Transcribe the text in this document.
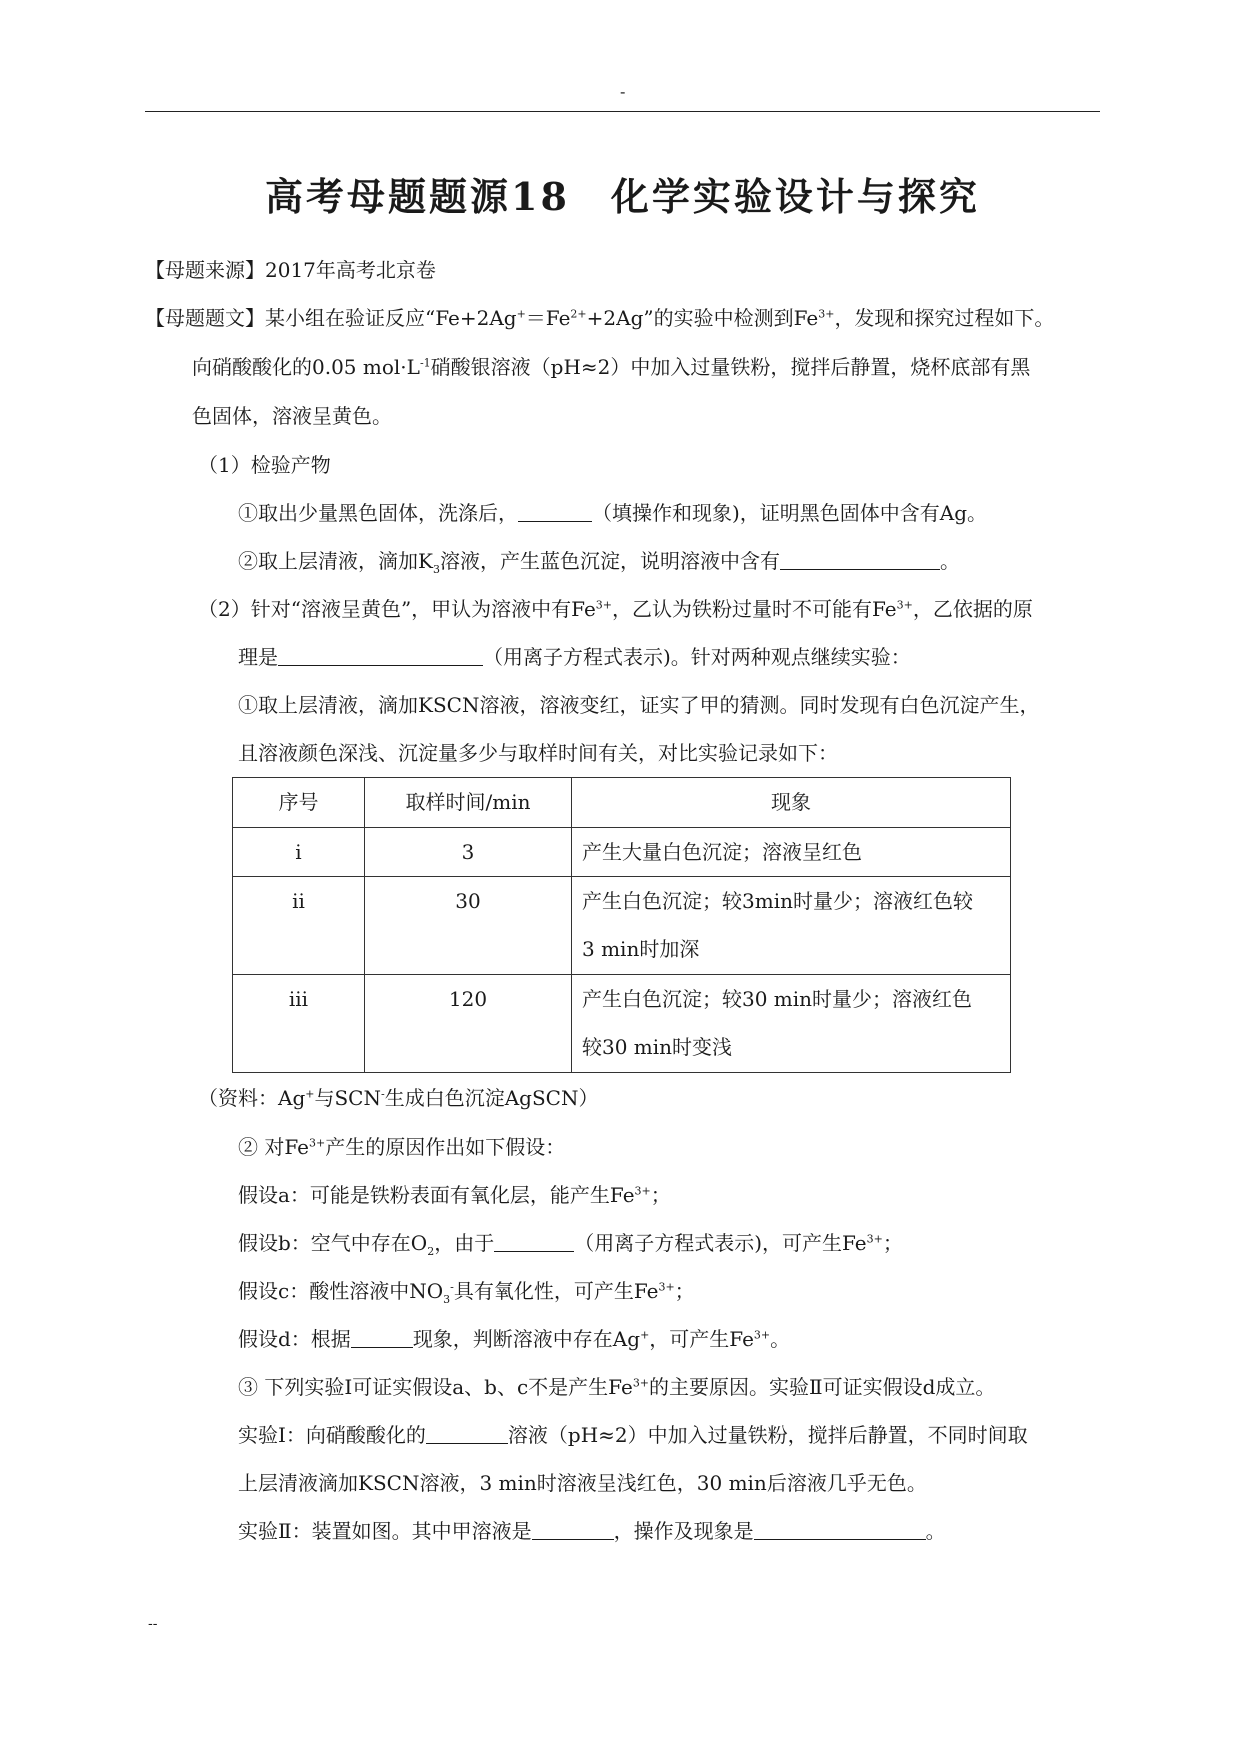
-
高考母题题源18　化学实验设计与探究
【母题来源】2017年高考北京卷
【母题题文】某小组在验证反应“$Fe+2Ag^+=Fe^{2+}+2Ag$”的实验中检测到$Fe^{3+}$，发现和探究过程如下。
向硝酸酸化的0.05 $mol\cdot L^{-1}$硝酸银溶液（pH≈2）中加入过量铁粉，搅拌后静置，烧杯底部有黑
色固体，溶液呈黄色。
（1）检验产物
①取出少量黑色固体，洗涤后，	（填操作和现象)，证明黑色固体中含有Ag。
②取上层清液，滴加$K_3$溶液，产生蓝色沉淀，说明溶液中含有	。
（2）针对“溶液呈黄色”，甲认为溶液中有$Fe^{3+}$，乙认为铁粉过量时不可能有$Fe^{3+}$，乙依据的原
理是	（用离子方程式表示)。针对两种观点继续实验：
①取上层清液，滴加KSCN溶液，溶液变红，证实了甲的猜测。同时发现有白色沉淀产生，
且溶液颜色深浅、沉淀量多少与取样时间有关，对比实验记录如下：
序号	取样时间/min	现象

i	3	产生大量白色沉淀；溶液呈红色

ii	30	产生白色沉淀；较3min时量少；溶液红色较
3 min时加深

iii	120	产生白色沉淀；较30 min时量少；溶液红色
较30 min时变浅
（资料：Ag+与SCN-生成白色沉淀AgSCN）
② 对$Fe^{3+}$产生的原因作出如下假设：
假设a：可能是铁粉表面有氧化层，能产生$Fe^{3+}$；
假设b：空气中存在$O_2$，由于	（用离子方程式表示)，可产生$Fe^{3+}$；
假设c：酸性溶液中$NO_3^-$具有氧化性，可产生$Fe^{3+}$；
假设d：根据	现象，判断溶液中存在Ag+，可产生$Fe^{3+}$。
③ 下列实验Ⅰ可证实假设a、b、c不是产生$Fe^{3+}$的主要原因。实验Ⅱ可证实假设d成立。
实验Ⅰ：向硝酸酸化的	溶液（pH≈2）中加入过量铁粉，搅拌后静置，不同时间取
上层清液滴加KSCN溶液，3 min时溶液呈浅红色，30 min后溶液几乎无色。
实验Ⅱ：装置如图。其中甲溶液是	，操作及现象是	。
--
